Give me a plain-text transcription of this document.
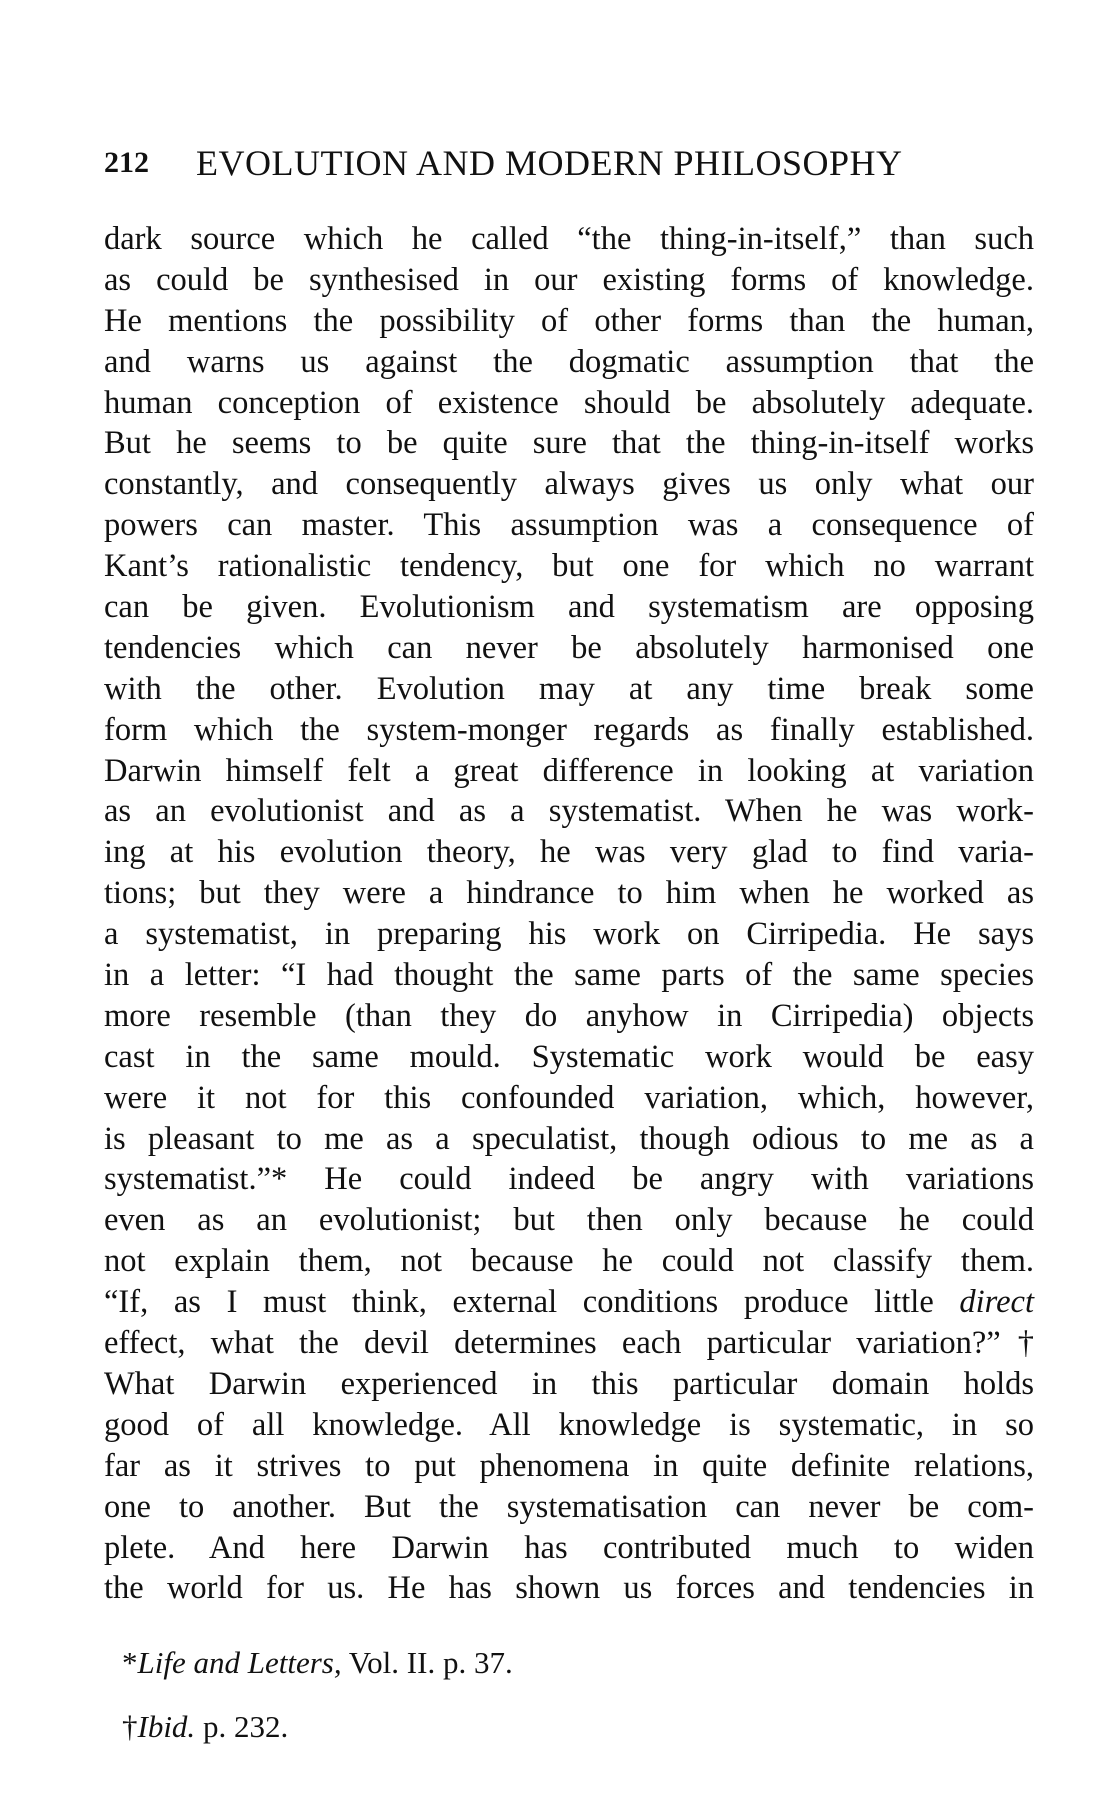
212 EVOLUTION AND MODERN PHILOSOPHY
dark source which he called “the thing-in-itself,” than such
as could be synthesised in our existing forms of knowledge.
He mentions the possibility of other forms than the human,
and warns us against the dogmatic assumption that the
human conception of existence should be absolutely adequate.
But he seems to be quite sure that the thing-in-itself works
constantly, and consequently always gives us only what our
powers can master. This assumption was a consequence of
Kant’s rationalistic tendency, but one for which no warrant
can be given. Evolutionism and systematism are opposing
tendencies which can never be absolutely harmonised one
with the other. Evolution may at any time break some
form which the system-monger regards as finally established.
Darwin himself felt a great difference in looking at variation
as an evolutionist and as a systematist. When he was work-
ing at his evolution theory, he was very glad to find varia-
tions; but they were a hindrance to him when he worked as
a systematist, in preparing his work on Cirripedia. He says
in a letter: “I had thought the same parts of the same species
more resemble (than they do anyhow in Cirripedia) objects
cast in the same mould. Systematic work would be easy
were it not for this confounded variation, which, however,
is pleasant to me as a speculatist, though odious to me as a
systematist.”* He could indeed be angry with variations
even as an evolutionist; but then only because he could
not explain them, not because he could not classify them.
“If, as I must think, external conditions produce little direct
effect, what the devil determines each particular variation?”†
What Darwin experienced in this particular domain holds
good of all knowledge. All knowledge is systematic, in so
far as it strives to put phenomena in quite definite relations,
one to another. But the systematisation can never be com-
plete. And here Darwin has contributed much to widen
the world for us. He has shown us forces and tendencies in
*Life and Letters, Vol. II. p. 37.
†Ibid. p. 232.
